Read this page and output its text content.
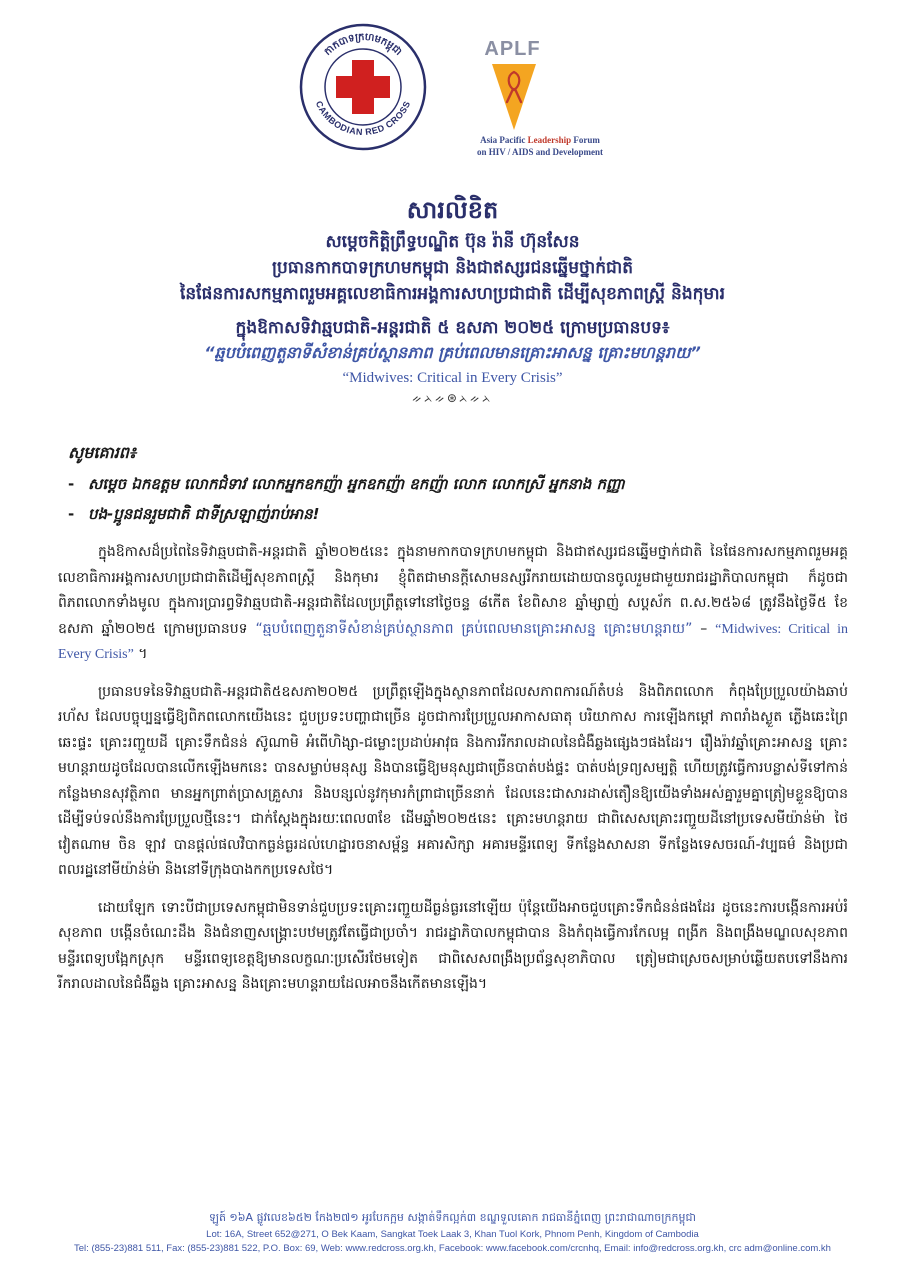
កាកបាទក្រហមកម្ពុជា
CAMBODIAN RED CROSS
APLF
Asia Pacific Leadership Forum
on HIV / AIDS and Development

សារលិខិត

សម្ដេចកិត្តិព្រឹទ្ធបណ្ឌិត ប៊ុន រ៉ានី ហ៊ុនសែន

ប្រធានកាកបាទក្រហមកម្ពុជា និងជាឥស្សរជនឆ្នើមថ្នាក់ជាតិ

នៃផែនការសកម្មភាពរួមអគ្គលេខាធិការអង្គការសហប្រជាជាតិ ដើម្បីសុខភាពស្ត្រី និងកុមារ

ក្នុងឱកាសទិវាឆ្មបជាតិ-អន្តរជាតិ ៥ ឧសភា ២០២៥ ក្រោមប្រធានបទ៖

“ឆ្មបបំពេញតួនាទីសំខាន់គ្រប់ស្ថានភាព គ្រប់ពេលមានគ្រោះអាសន្ន គ្រោះមហន្តរាយ”

“Midwives: Critical in Every Crisis”

ᨀᨂᨀ⊛ᨂᨀᨂ

សូមគោរព៖

- សម្ដេច ឯកឧត្តម លោកជំទាវ លោកអ្នកឧកញ៉ា អ្នកឧកញ៉ា ឧកញ៉ា លោក លោកស្រី អ្នកនាង កញ្ញា
- បង-ប្អូនជនរួមជាតិ ជាទីស្រឡាញ់រាប់អាន!

ក្នុងឱកាសដ៏ប្រពៃនៃទិវាឆ្មបជាតិ-អន្តរជាតិ ឆ្នាំ២០២៥នេះ ក្នុងនាមកាកបាទក្រហមកម្ពុជា និងជាឥស្សរជនឆ្នើមថ្នាក់ជាតិ នៃផែនការសកម្មភាពរួមអគ្គលេខាធិការអង្គការសហប្រជាជាតិដើម្បីសុខភាពស្ត្រី និងកុមារ ខ្ញុំពិតជាមានក្តីសោមនស្សរីករាយដោយបានចូលរួមជាមួយរាជរដ្ឋាភិបាលកម្ពុជា ក៏ដូចជាពិភពលោកទាំងមូល ក្នុងការប្រារព្ធទិវាឆ្មបជាតិ-អន្តរជាតិដែលប្រព្រឹត្តទៅនៅថ្ងៃចន្ទ ៨កើត ខែពិសាខ ឆ្នាំម្សាញ់ សប្តស័ក ព.ស.២៥៦៨ ត្រូវនឹងថ្ងៃទី៥ ខែឧសភា ឆ្នាំ២០២៥ ក្រោមប្រធានបទ “ឆ្មបបំពេញតួនាទីសំខាន់គ្រប់ស្ថានភាព គ្រប់ពេលមានគ្រោះអាសន្ន គ្រោះមហន្តរាយ” – “Midwives: Critical in Every Crisis” ។

ប្រធានបទនៃទិវាឆ្មបជាតិ-អន្តរជាតិ៥ឧសភា២០២៥ ប្រព្រឹត្តឡើងក្នុងស្ថានភាពដែលសភាពការណ៍តំបន់ និងពិភពលោក កំពុងប្រែប្រួលយ៉ាងឆាប់រហ័ស ដែលបច្ចុប្បន្នធ្វើឱ្យពិភពលោកយើងនេះ ជួបប្រទះបញ្ហាជាច្រើន ដូចជាការប្រែប្រួលអាកាសធាតុ បរិយាកាស ការឡើងកម្តៅ ភាពរាំងស្ងួត ភ្លើងឆេះព្រៃ ឆេះផ្ទះ គ្រោះរញ្ជួយដី គ្រោះទឹកជំនន់ ស៊ូណាមិ អំពើហិង្សា-ជម្លោះប្រដាប់អាវុធ និងការរីករាលដាលនៃជំងឺឆ្លងផ្សេងៗផងដែរ។ រឿងរ៉ាវឆ្នាំគ្រោះអាសន្ន គ្រោះមហន្តរាយដូចដែលបានលើកឡើងមកនេះ បានសម្លាប់មនុស្ស និងបានធ្វើឱ្យមនុស្សជាច្រើនបាត់បង់ផ្ទះ បាត់បង់ទ្រព្យសម្បត្តិ ហើយត្រូវធ្វើការបន្លាស់ទីទៅកាន់កន្លែងមានសុវត្ថិភាព មានអ្នកព្រាត់ប្រាសគ្រួសារ និងបន្សល់នូវកុមារកំព្រាជាច្រើននាក់ ដែលនេះជាសារដាស់តឿនឱ្យយើងទាំងអស់គ្នារួមគ្នាត្រៀមខ្លួនឱ្យបានដើម្បីទប់ទល់នឹងការប្រែប្រួលថ្មីនេះ។ ជាក់ស្តែងក្នុងរយៈពេល៣ខែ ដើមឆ្នាំ២០២៥នេះ គ្រោះមហន្តរាយ ជាពិសេសគ្រោះរញ្ជួយដីនៅប្រទេសមីយ៉ាន់ម៉ា ថៃ វៀតណាម ចិន ឡាវ បានផ្តល់ផលវិបាកធ្ងន់ធ្ងរដល់ហេដ្ឋារចនាសម្ព័ន្ធ អគារសិក្សា អគារមន្ទីរពេទ្យ ទីកន្លែងសាសនា ទីកន្លែងទេសចរណ៍-វប្បធម៌ និងប្រជាពលរដ្ឋនៅមីយ៉ាន់ម៉ា និងនៅទីក្រុងបាងកកប្រទេសថៃ។

ដោយឡែក ទោះបីជាប្រទេសកម្ពុជាមិនទាន់ជួបប្រទះគ្រោះរញ្ជួយដីធ្ងន់ធ្ងរនៅឡើយ ប៉ុន្តែយើងអាចជួបគ្រោះទឹកជំនន់ផងដែរ ដូចនេះការបង្កើនការអប់រំសុខភាព បង្កើនចំណេះដឹង និងជំនាញសង្គ្រោះបឋមត្រូវតែធ្វើជាប្រចាំ។ រាជរដ្ឋាភិបាលកម្ពុជាបាន និងកំពុងធ្វើការកែលម្អ ពង្រីក និងពង្រឹងមណ្ឌលសុខភាព មន្ទីរពេទ្យបង្អែកស្រុក មន្ទីរពេទ្យខេត្តឱ្យមានលក្ខណៈប្រសើរថែមទៀត ជាពិសេសពង្រឹងប្រព័ន្ធសុខាភិបាល ត្រៀមជាស្រេចសម្រាប់ឆ្លើយតបទៅនឹងការរីករាលដាលនៃជំងឺឆ្លង គ្រោះអាសន្ន និងគ្រោះមហន្តរាយដែលអាចនឹងកើតមានឡើង។

ឡូត៍ ១៦A ផ្លូវលេខ៦៥២ កែង២៧១ អូរបែកក្អម សង្កាត់ទឹកល្អក់៣ ខណ្ឌទួលគោក រាជធានីភ្នំពេញ ព្រះរាជាណាចក្រកម្ពុជា

Lot: 16A, Street 652@271, O Bek Kaam, Sangkat Toek Laak 3, Khan Tuol Kork, Phnom Penh, Kingdom of Cambodia

Tel: (855-23)881 511, Fax: (855-23)881 522, P.O. Box: 69, Web: www.redcross.org.kh, Facebook: www.facebook.com/crcnhq, Email: info@redcross.org.kh, crc adm@online.com.kh
